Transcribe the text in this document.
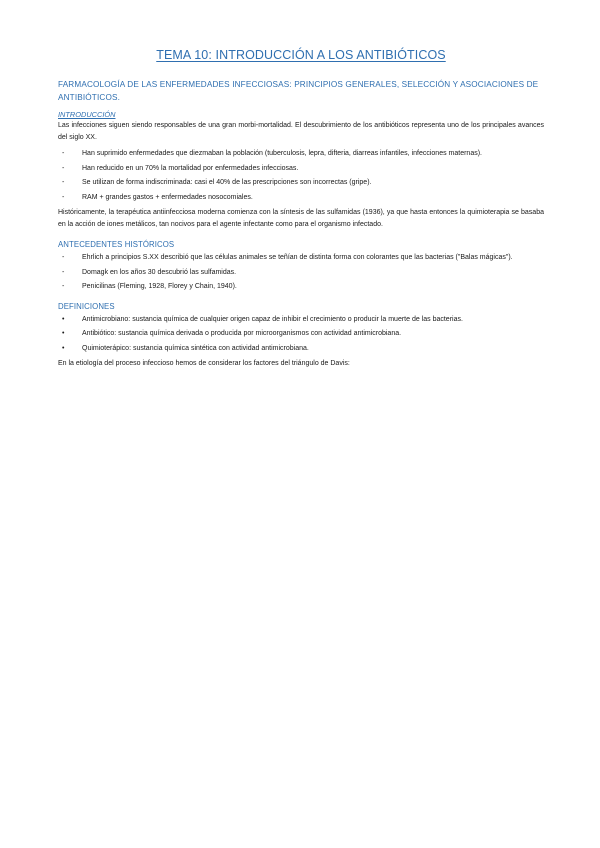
TEMA 10: INTRODUCCIÓN A LOS ANTIBIÓTICOS
FARMACOLOGÍA DE LAS ENFERMEDADES INFECCIOSAS: PRINCIPIOS GENERALES, SELECCIÓN Y ASOCIACIONES DE ANTIBIÓTICOS.
INTRODUCCIÓN

Las infecciones siguen siendo responsables de una gran morbi-mortalidad. El descubrimiento de los antibióticos representa uno de los principales avances del siglo XX.

-	Han suprimido enfermedades que diezmaban la población (tuberculosis, lepra, difteria, diarreas infantiles, infecciones maternas).
-	Han reducido en un 70% la mortalidad por enfermedades infecciosas.
-	Se utilizan de forma indiscriminada: casi el 40% de las prescripciones son incorrectas (gripe).
-	RAM + grandes gastos + enfermedades nosocomiales.

Históricamente, la terapéutica antiinfecciosa moderna comienza con la síntesis de las sulfamidas (1936), ya que hasta entonces la quimioterapia se basaba en la acción de iones metálicos, tan nocivos para el agente infectante como para el organismo infectado.

ANTECEDENTES HISTÓRICOS
-	Ehrlich a principios S.XX describió que las células animales se teñían de distinta forma con colorantes que las bacterias ("Balas mágicas").
-	Domagk en los años 30 descubrió las sulfamidas.
-	Penicilinas (Fleming, 1928, Florey y Chain, 1940).
DEFINICIONES
•	Antimicrobiano: sustancia química de cualquier origen capaz de inhibir el crecimiento o producir la muerte de las bacterias.
•	Antibiótico: sustancia química derivada o producida por microorganismos con actividad antimicrobiana.
•	Quimioterápico: sustancia química sintética con actividad antimicrobiana.

En la etiología del proceso infeccioso hemos de considerar los factores del triángulo de Davis:
